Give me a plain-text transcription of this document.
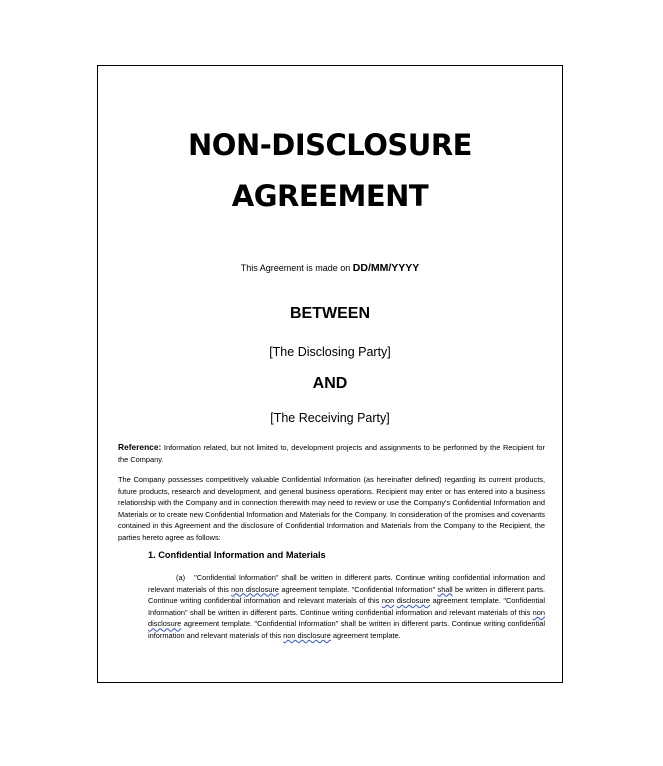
NON-DISCLOSURE
AGREEMENT
This Agreement is made on DD/MM/YYYY
BETWEEN
[The Disclosing Party]
AND
[The Receiving Party]

Reference: Information related, but not limited to, development projects and assignments to be performed by the Recipient for the Company.

The Company possesses competitively valuable Confidential Information (as hereinafter defined) regarding its current products, future products, research and development, and general business operations. Recipient may enter or has entered into a business relationship with the Company and in connection therewith may need to review or use the Company's Confidential Information and Materials or to create new Confidential Information and Materials for the Company. In consideration of the promises and covenants contained in this Agreement and the disclosure of Confidential Information and Materials from the Company to the Recipient, the parties hereto agree as follows:

1. Confidential Information and Materials

(a) "Confidential Information" shall be written in different parts. Continue writing confidential information and relevant materials of this non disclosure agreement template. "Confidential Information" shall be written in different parts. Continue writing confidential information and relevant materials of this non disclosure agreement template. "Confidential Information" shall be written in different parts. Continue writing confidential information and relevant materials of this non disclosure agreement template. "Confidential Information" shall be written in different parts. Continue writing confidential information and relevant materials of this non disclosure agreement template.
